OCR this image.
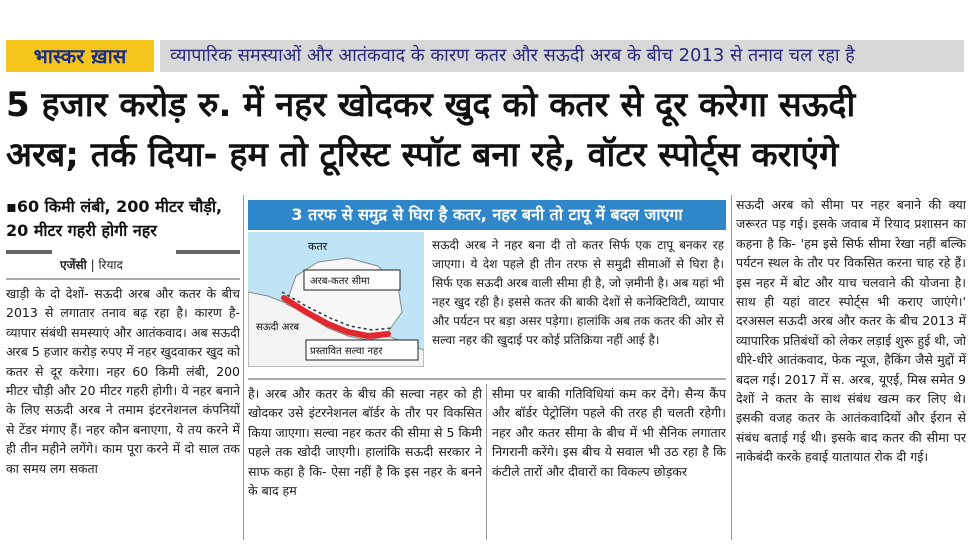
भास्कर ख़ास	व्यापारिक समस्याओं और आतंकवाद के कारण कतर और सऊदी अरब के बीच 2013 से तनाव चल रहा है
5 हजार करोड़ रु. में नहर खोदकर खुद को कतर से दूर करेगा सऊदी
अरब; तर्क दिया- हम तो टूरिस्ट स्पॉट बना रहे, वॉटर स्पोर्ट्स कराएंगे
▪60 किमी लंबी, 200 मीटर चौड़ी, 20 मीटर गहरी होगी नहर
एजेंसी | रियाद

खाड़ी के दो देशों- सऊदी अरब और कतर के बीच 2013 से लगातार तनाव बढ़ रहा है। कारण है- व्यापार संबंधी समस्याएं और आतंकवाद। अब सऊदी अरब 5 हजार करोड़ रुपए में नहर खुदवाकर खुद को कतर से दूर करेगा। नहर 60 किमी लंबी, 200 मीटर चौड़ी और 20 मीटर गहरी होगी। ये नहर बनाने के लिए सऊदी अरब ने तमाम इंटरनेशनल कंपनियों से टेंडर मंगाए हैं। नहर कौन बनाएगा, ये तय करने में ही तीन महीने लगेंगे। काम पूरा करने में दो साल तक का समय लग सकता

3 तरफ से समुद्र से घिरा है कतर, नहर बनी तो टापू में बदल जाएगा
कतर
अरब-कतर सीमा
सऊदी अरब
प्रस्तावित सल्वा नहर

सऊदी अरब ने नहर बना दी तो कतर सिर्फ एक टापू बनकर रह जाएगा। ये देश पहले ही तीन तरफ से समुद्री सीमाओं से घिरा है। सिर्फ एक सऊदी अरब वाली सीमा ही है, जो ज़मीनी है। अब यहां भी नहर खुद रही है। इससे कतर की बाकी देशों से कनेक्टिविटी, व्यापार और पर्यटन पर बड़ा असर पड़ेगा। हालांकि अब तक कतर की ओर से सल्वा नहर की खुदाई पर कोई प्रतिक्रिया नहीं आई है।

है। अरब और कतर के बीच की सल्वा नहर को ही खोदकर उसे इंटरनेशनल बॉर्डर के तौर पर विकसित किया जाएगा। सल्वा नहर कतर की सीमा से 5 किमी पहले तक खोदी जाएगी। हालांकि सऊदी सरकार ने साफ कहा है कि- ऐसा नहीं है कि इस नहर के बनने के बाद हम

सीमा पर बाकी गतिविधियां कम कर देंगे। सैन्य कैंप और बॉर्डर पेट्रोलिंग पहले की तरह ही चलती रहेगी। नहर और कतर सीमा के बीच में भी सैनिक लगातार निगरानी करेंगे। इस बीच ये सवाल भी उठ रहा है कि कंटीले तारों और दीवारों का विकल्प छोड़कर

सऊदी अरब को सीमा पर नहर बनाने की क्या जरूरत पड़ गई। इसके जवाब में रियाद प्रशासन का कहना है कि- 'हम इसे सिर्फ सीमा रेखा नहीं बल्कि पर्यटन स्थल के तौर पर विकसित करना चाह रहे हैं। इस नहर में बोट और याच चलवाने की योजना है। साथ ही यहां वाटर स्पोर्ट्स भी कराए जाएंगे।' दरअसल सऊदी अरब और कतर के बीच 2013 में व्यापारिक प्रतिबंधों को लेकर लड़ाई शुरू हुई थी, जो धीरे-धीरे आतंकवाद, फेक न्यूज, हैकिंग जैसे मुद्दों में बदल गई। 2017 में स. अरब, यूएई, मिस्र समेत 9 देशों ने कतर के साथ संबंध खत्म कर लिए थे। इसकी वजह कतर के आतंकवादियों और ईरान से संबंध बताई गई थी। इसके बाद कतर की सीमा पर नाकेबंदी करके हवाई यातायात रोक दी गई।
